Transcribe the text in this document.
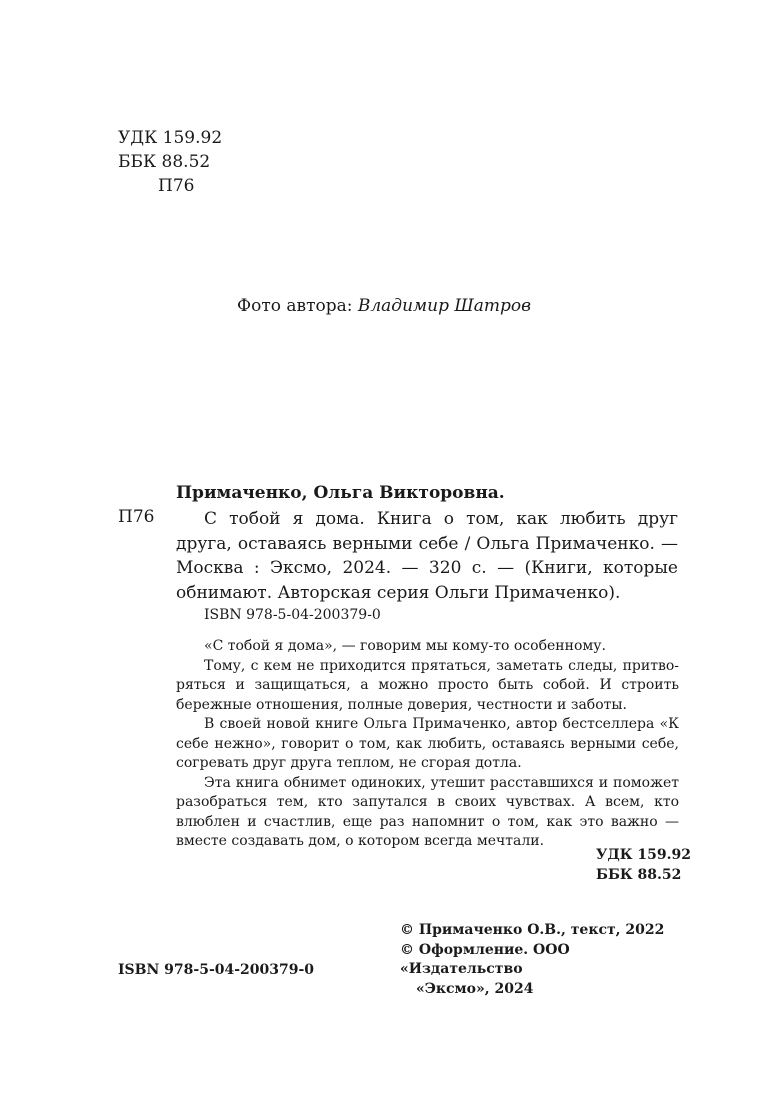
УДК 159.92
ББК 88.52
П76
Фото автора: Владимир Шатров
Примаченко, Ольга Викторовна.
П76	С тобой я дома. Книга о том, как любить друг друга, оставаясь верными себе / Ольга Примаченко. — Москва : Эксмо, 2024. — 320 с. — (Книги, которые обнимают. Авторская серия Ольги Примаченко).
ISBN 978-5-04-200379-0

«С тобой я дома», — говорим мы кому-то особенному.

Тому, с кем не приходится прятаться, заметать следы, притворяться и защищаться, а можно просто быть собой. И строить бережные отношения, полные доверия, честности и заботы.

В своей новой книге Ольга Примаченко, автор бестселлера «К себе нежно», говорит о том, как любить, оставаясь верными себе, согревать друг друга теплом, не сгорая дотла.

Эта книга обнимет одиноких, утешит расставшихся и поможет разобраться тем, кто запутался в своих чувствах. А всем, кто влюблен и счастлив, еще раз напомнит о том, как это важно — вместе создавать дом, о котором всегда мечтали.

УДК 159.92
ББК 88.52
© Примаченко О.В., текст, 2022
© Оформление. ООО «Издательство
«Эксмо», 2024
ISBN 978-5-04-200379-0
